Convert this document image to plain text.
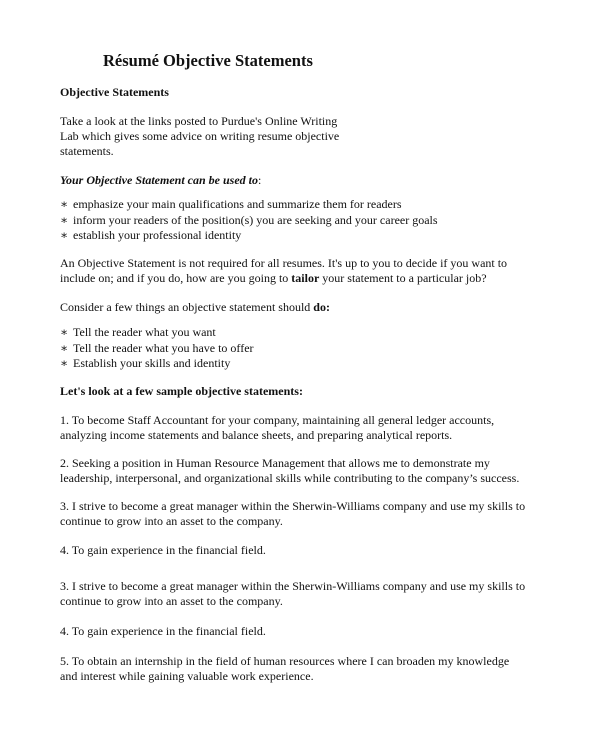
Résumé Objective Statements

Objective Statements

Take a look at the links posted to Purdue's Online Writing
Lab which gives some advice on writing resume objective
statements.

Your Objective Statement can be used to:

∗ emphasize your main qualifications and summarize them for readers
∗ inform your readers of the position(s) you are seeking and your career goals
∗ establish your professional identity
An Objective Statement is not required for all resumes. It's up to you to decide if you want to
include on; and if you do, how are you going to tailor your statement to a particular job?

Consider a few things an objective statement should do:

∗ Tell the reader what you want
∗ Tell the reader what you have to offer
∗ Establish your skills and identity

Let's look at a few sample objective statements:

1. To become Staff Accountant for your company, maintaining all general ledger accounts,
analyzing income statements and balance sheets, and preparing analytical reports.
2. Seeking a position in Human Resource Management that allows me to demonstrate my
leadership, interpersonal, and organizational skills while contributing to the company’s success.
3. I strive to become a great manager within the Sherwin-Williams company and use my skills to
continue to grow into an asset to the company.
4. To gain experience in the financial field.
3. I strive to become a great manager within the Sherwin-Williams company and use my skills to
continue to grow into an asset to the company.
4. To gain experience in the financial field.
5. To obtain an internship in the field of human resources where I can broaden my knowledge
and interest while gaining valuable work experience.
